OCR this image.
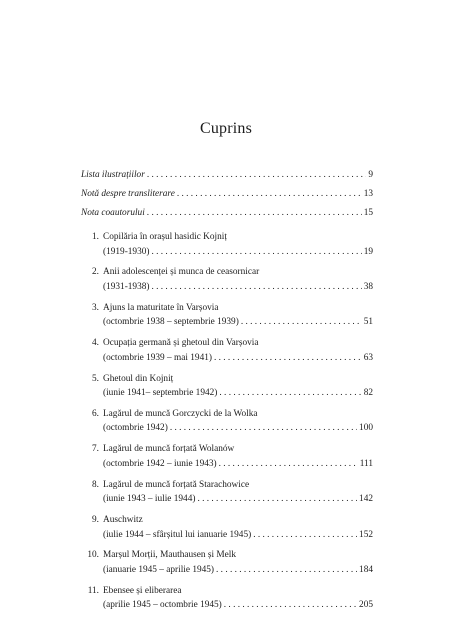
Cuprins
Lista ilustrațiilor . . .	9
Notă despre transliterare . . .	13
Nota coautorului . . .	15
1. Copilăria în orașul hasidic Kojniț
(1919-1930) . . .	19
2. Anii adolescenței și munca de ceasornicar
(1931-1938) . . .	38
3. Ajuns la maturitate în Varșovia
(octombrie 1938 – septembrie 1939) . . .	51
4. Ocupația germană și ghetoul din Varșovia
(octombrie 1939 – mai 1941) . . .	63
5. Ghetoul din Kojniț
(iunie 1941– septembrie 1942) . . .	82
6. Lagărul de muncă Gorczycki de la Wolka
(octombrie 1942) . . .	100
7. Lagărul de muncă forțată Wolanów
(octombrie 1942 – iunie 1943) . . .	111
8. Lagărul de muncă forțată Starachowice
(iunie 1943 – iulie 1944) . . .	142
9. Auschwitz
(iulie 1944 – sfârșitul lui ianuarie 1945) . . .	152
10. Marșul Morții, Mauthausen și Melk
(ianuarie 1945 – aprilie 1945) . . .	184
11. Ebensee și eliberarea
(aprilie 1945 – octombrie 1945) . . .	205
